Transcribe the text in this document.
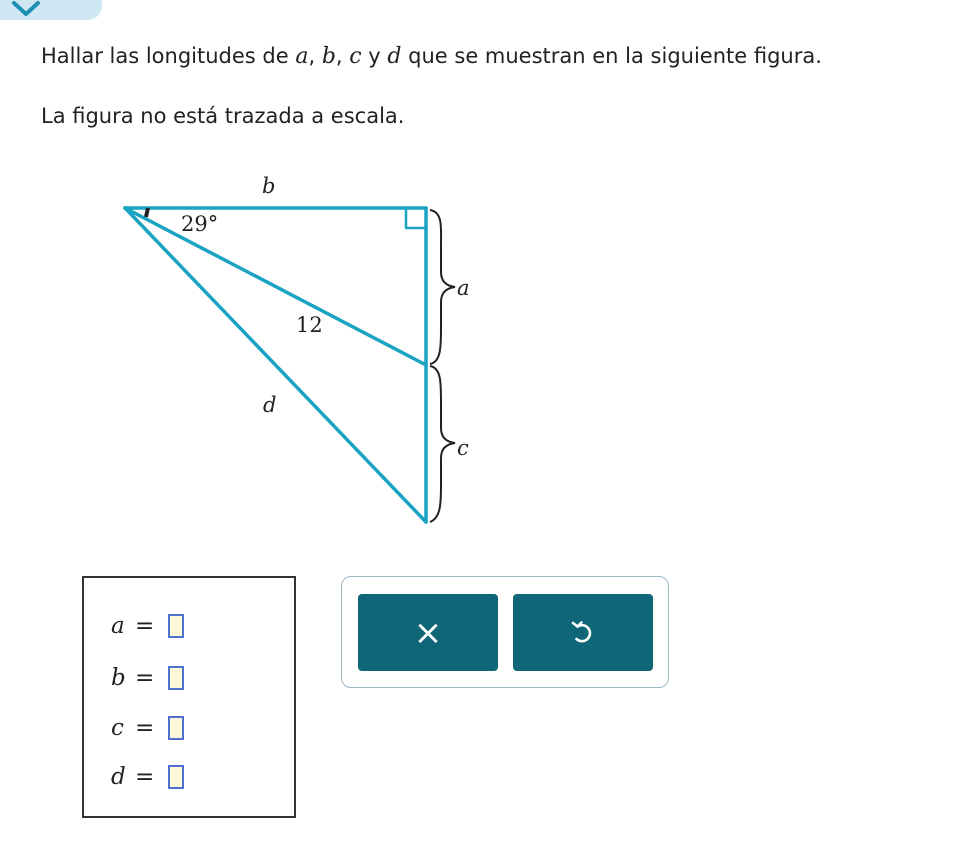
Hallar las longitudes de a, b, c y d que se muestran en la siguiente figura.
La figura no está trazada a escala.
b
29°
a
12
d
c
a =
b =
c =
d =
×
